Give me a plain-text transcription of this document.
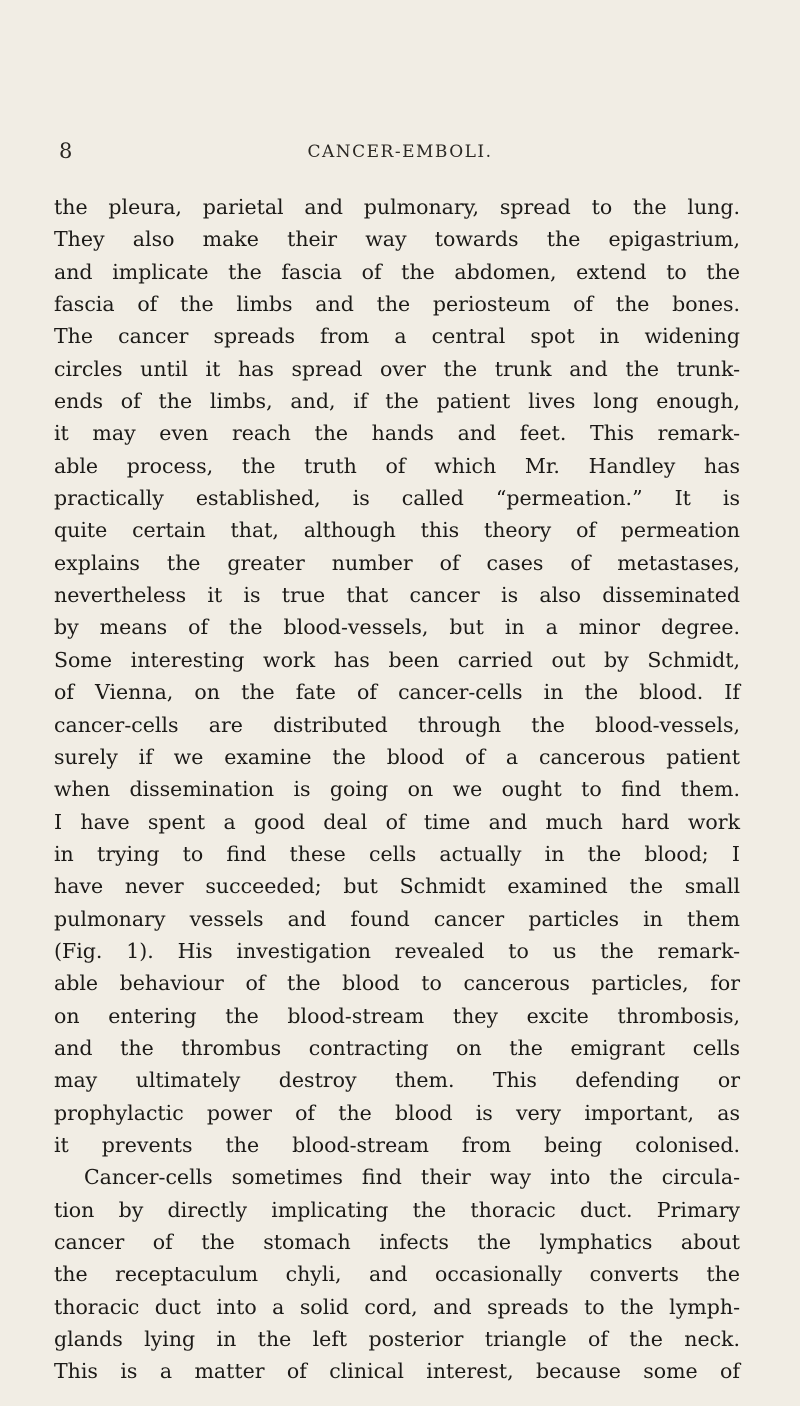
8	CANCER-EMBOLI.
the pleura, parietal and pulmonary, spread to the lung.
They also make their way towards the epigastrium,
and implicate the fascia of the abdomen, extend to the
fascia of the limbs and the periosteum of the bones.
The cancer spreads from a central spot in widening
circles until it has spread over the trunk and the trunk-
ends of the limbs, and, if the patient lives long enough,
it may even reach the hands and feet. This remark-
able process, the truth of which Mr. Handley has
practically established, is called “permeation.” It is
quite certain that, although this theory of permeation
explains the greater number of cases of metastases,
nevertheless it is true that cancer is also disseminated
by means of the blood-vessels, but in a minor degree.
Some interesting work has been carried out by Schmidt,
of Vienna, on the fate of cancer-cells in the blood. If
cancer-cells are distributed through the blood-vessels,
surely if we examine the blood of a cancerous patient
when dissemination is going on we ought to find them.
I have spent a good deal of time and much hard work
in trying to find these cells actually in the blood; I
have never succeeded; but Schmidt examined the small
pulmonary vessels and found cancer particles in them
(Fig. 1). His investigation revealed to us the remark-
able behaviour of the blood to cancerous particles, for
on entering the blood-stream they excite thrombosis,
and the thrombus contracting on the emigrant cells
may ultimately destroy them. This defending or
prophylactic power of the blood is very important, as
it prevents the blood-stream from being colonised.
Cancer-cells sometimes find their way into the circula-
tion by directly implicating the thoracic duct. Primary
cancer of the stomach infects the lymphatics about
the receptaculum chyli, and occasionally converts the
thoracic duct into a solid cord, and spreads to the lymph-
glands lying in the left posterior triangle of the neck.
This is a matter of clinical interest, because some of
